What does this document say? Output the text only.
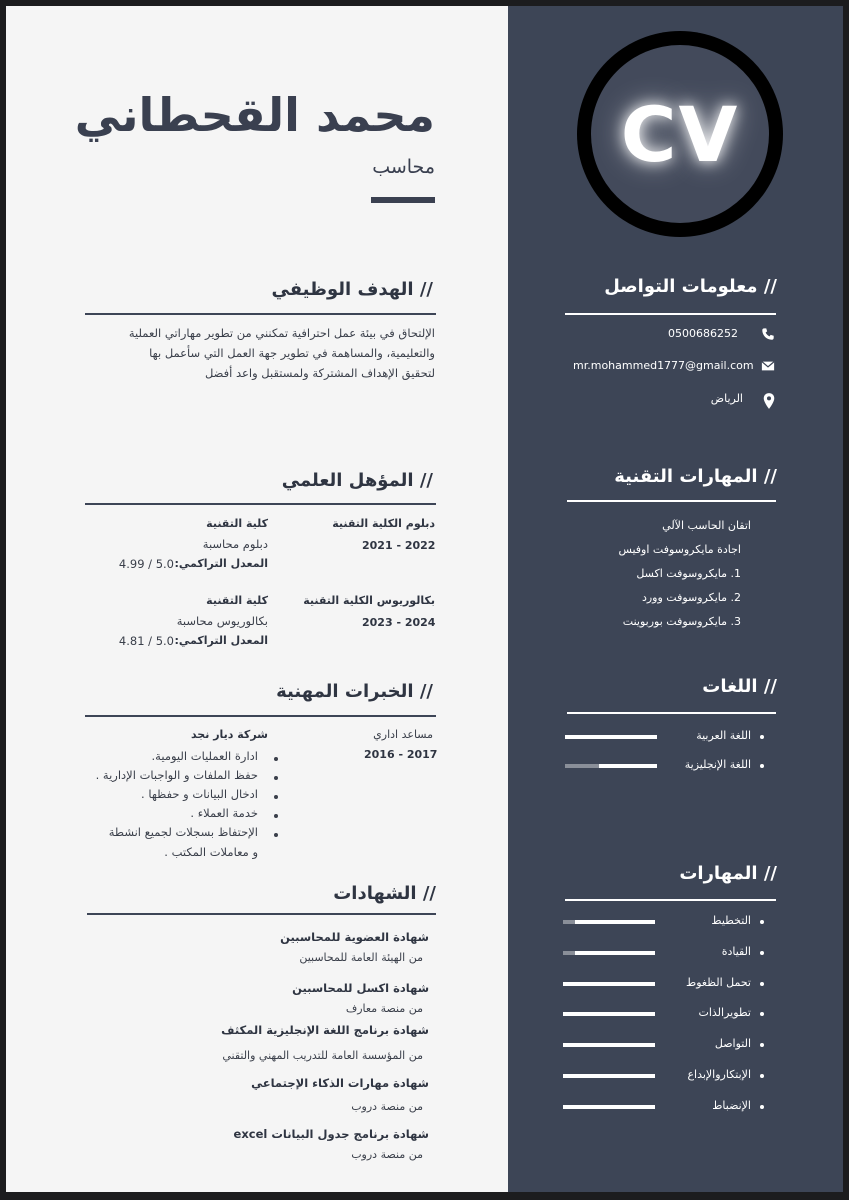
محمد القحطاني
محاسب
// الهدف الوظيفي
الإلتحاق في بيئة عمل احترافية تمكنني من تطوير مهاراتي العملية
والتعليمية، والمساهمة في تطوير جهة العمل التي سأعمل بها
لتحقيق الإهداف المشتركة ولمستقبل واعد أفضل
// المؤهل العلمي
دبلوم الكلية التقنية
2021 - 2022
كلية التقنية
دبلوم محاسبة
المعدل التراكمي:
5.0 / 4.99
بكالوريوس الكلية التقنية
2023 - 2024
كلية التقنية
بكالوريوس محاسبة
المعدل التراكمي:
5.0 / 4.81
// الخبرات المهنية
مساعد اداري
2016 - 2017
شركة ديار نجد
ادارة العمليات اليومية.
حفظ الملفات و الواجبات الإدارية .
ادخال البيانات و حفظها .
خدمة العملاء .
الإحتفاظ بسجلات لجميع انشطة
و معاملات المكتب .
// الشهادات
شهادة العضوية للمحاسبين
من الهيئة العامة للمحاسبين
شهادة اكسل للمحاسبين
من منصة معارف
شهادة برنامج اللغة الإنجليزية المكثف
من المؤسسة العامة للتدريب المهني والتقني
شهادة مهارات الذكاء الإجتماعي
من منصة دروب
شهادة برنامج جدول البيانات excel
من منصة دروب
CV
// معلومات التواصل
0500686252
mr.mohammed1777@gmail.com
الرياض
// المهارات التقنية
اتقان الحاسب الآلي
اجادة مايكروسوفت اوفيس
1. مايكروسوفت اكسل
2. مايكروسوفت وورد
3. مايكروسوفت بوربوينت
// اللغات
// المهارات
اللغة العربية
اللغة الإنجليزية
التخطيط
القيادة
تحمل الظغوط
تطويرالذات
التواصل
الإبتكاروالإبداع
الإنضباط
